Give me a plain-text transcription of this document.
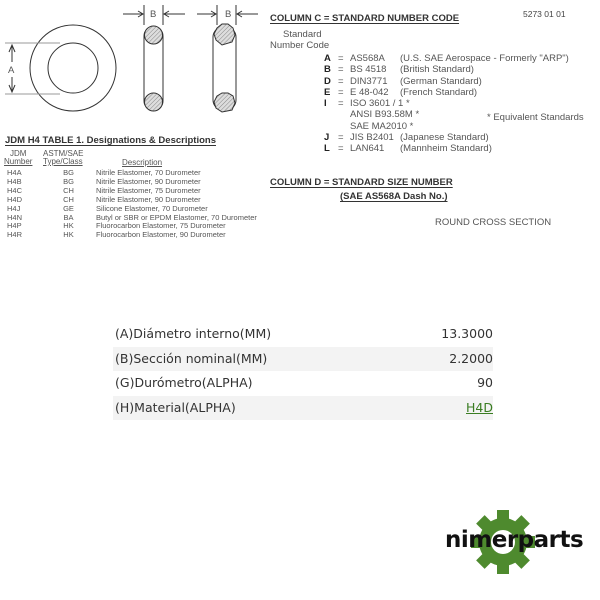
A
B	B
JDM H4 TABLE 1. Designations & Descriptions
JDM
Number
ASTM/SAE
Type/Class	Description
H4A	BG	Nitrile Elastomer, 70 Durometer
H4B	BG	Nitrile Elastomer, 90 Durometer
H4C	CH	Nitrile Elastomer, 75 Durometer
H4D	CH	Nitrile Elastomer, 90 Durometer
H4J	GE	Silicone Elastomer, 70 Durometer
H4N	BA	Butyl or SBR or EPDM Elastomer, 70 Durometer
H4P	HK	Fluorocarbon Elastomer, 75 Durometer
H4R	HK	Fluorocarbon Elastomer, 90 Durometer
5273 01 01
COLUMN C = STANDARD NUMBER CODE
Standard
Number Code
A = AS568A	(U.S. SAE Aerospace - Formerly "ARP")
B = BS 4518	(British Standard)
D = DIN3771	(German Standard)
E = E 48-042	(French Standard)
I	= ISO 3601 / 1 *
ANSI B93.58M *
SAE MA2010 *
J = JIS B2401 (Japanese Standard)
L = LAN641	(Mannheim Standard)
* Equivalent Standards
COLUMN D = STANDARD SIZE NUMBER
(SAE AS568A Dash No.)
ROUND CROSS SECTION
(A)Diámetro interno(MM)	13.3000
(B)Sección nominal(MM)	2.2000
(G)Durómetro(ALPHA)	90
(H)Material(ALPHA)	H4D
nimerparts
